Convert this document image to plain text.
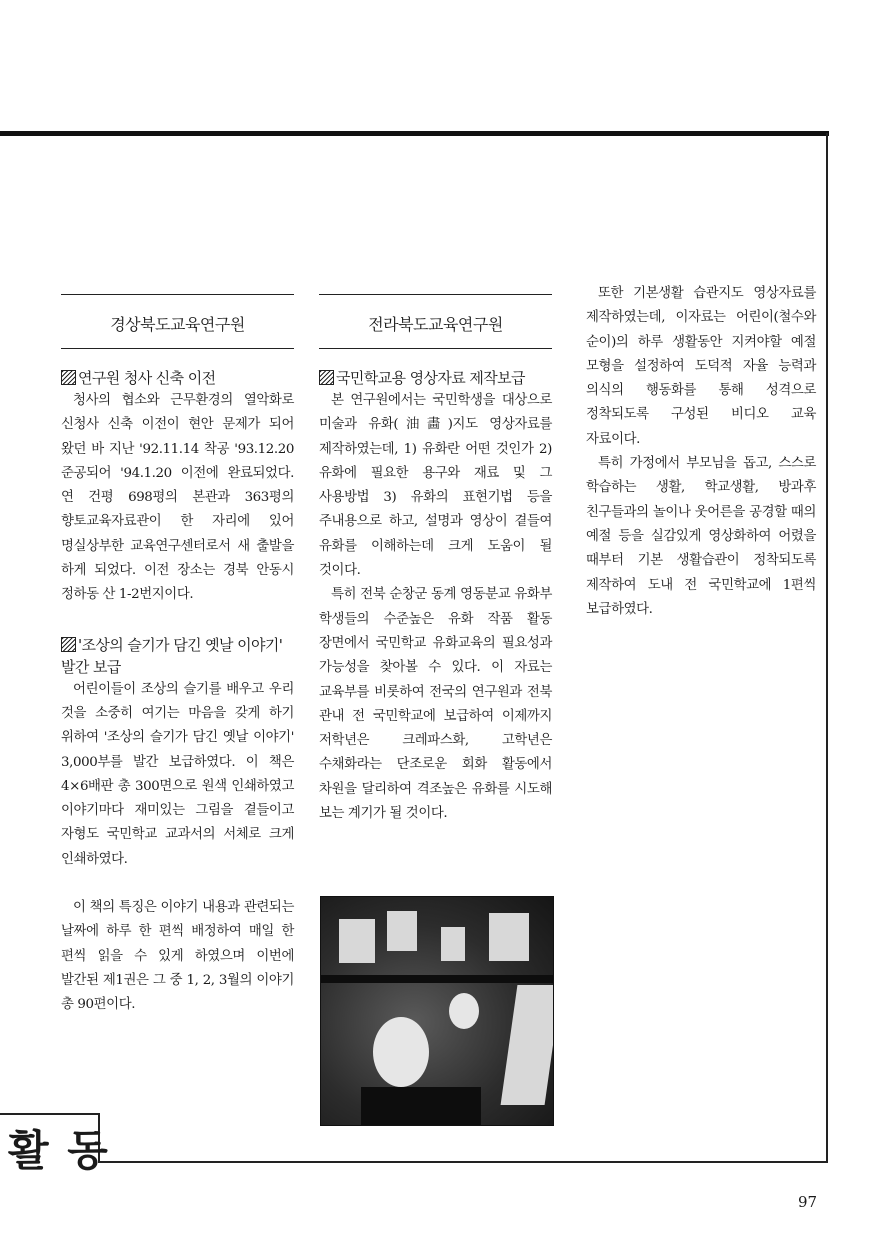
경상북도교육연구원
연구원 청사 신축 이전

청사의 협소와 근무환경의 열악화로 신청사 신축 이전이 현안 문제가 되어 왔던 바 지난 '92.11.14 착공 '93.12.20 준공되어 '94.1.20 이전에 완료되었다. 연 건평 698평의 본관과 363평의 향토교육자료관이 한 자리에 있어 명실상부한 교육연구센터로서 새 출발을 하게 되었다. 이전 장소는 경북 안동시 정하동 산 1-2번지이다.

'조상의 슬기가 담긴 옛날 이야기' 발간 보급

어린이들이 조상의 슬기를 배우고 우리 것을 소중히 여기는 마음을 갖게 하기 위하여 '조상의 슬기가 담긴 옛날 이야기' 3,000부를 발간 보급하였다. 이 책은 4×6배판 총 300면으로 원색 인쇄하였고 이야기마다 재미있는 그림을 곁들이고 자형도 국민학교 교과서의 서체로 크게 인쇄하였다.

이 책의 특징은 이야기 내용과 관련되는 날짜에 하루 한 편씩 배정하여 매일 한 편씩 읽을 수 있게 하였으며 이번에 발간된 제1권은 그 중 1, 2, 3월의 이야기 총 90편이다.

전라북도교육연구원
국민학교용 영상자료 제작보급

본 연구원에서는 국민학생을 대상으로 미술과 유화(油畵)지도 영상자료를 제작하였는데, 1) 유화란 어떤 것인가 2) 유화에 필요한 용구와 재료 및 그 사용방법 3) 유화의 표현기법 등을 주내용으로 하고, 설명과 영상이 곁들여 유화를 이해하는데 크게 도움이 될 것이다.

특히 전북 순창군 동계 영동분교 유화부 학생들의 수준높은 유화 작품 활동 장면에서 국민학교 유화교육의 필요성과 가능성을 찾아볼 수 있다. 이 자료는 교육부를 비롯하여 전국의 연구원과 전북 관내 전 국민학교에 보급하여 이제까지 저학년은 크레파스화, 고학년은 수채화라는 단조로운 회화 활동에서 차원을 달리하여 격조높은 유화를 시도해 보는 계기가 될 것이다.

또한 기본생활 습관지도 영상자료를 제작하였는데, 이자료는 어린이(철수와 순이)의 하루 생활동안 지켜야할 예절 모형을 설정하여 도덕적 자율 능력과 의식의 행동화를 통해 성격으로 정착되도록 구성된 비디오 교육 자료이다.

특히 가정에서 부모님을 돕고, 스스로 학습하는 생활, 학교생활, 방과후 친구들과의 놀이나 웃어른을 공경할 때의 예절 등을 실감있게 영상화하여 어렸을 때부터 기본 생활습관이 정착되도록 제작하여 도내 전 국민학교에 1편씩 보급하였다.

활 동
97
